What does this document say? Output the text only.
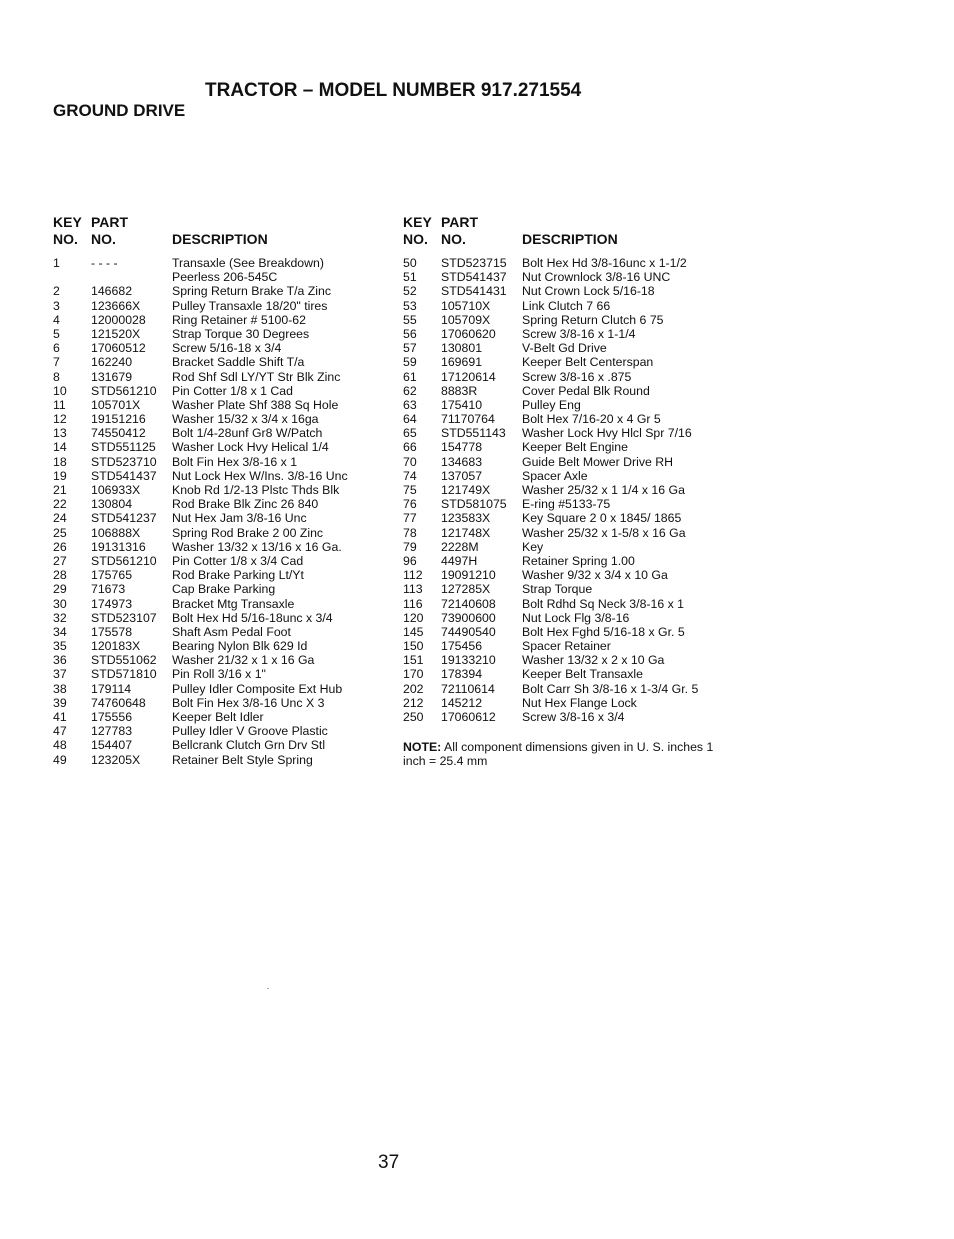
TRACTOR – MODEL NUMBER 917.271554
GROUND DRIVE
KEY
NO.
PART
NO.	DESCRIPTION
1	- - - -	Transaxle (See Breakdown)
Peerless 206-545C
2	146682	Spring Return Brake T/a Zinc
3	123666X	Pulley Transaxle 18/20" tires
4	12000028 Ring Retainer # 5100-62
5	121520X	Strap Torque 30 Degrees
6	17060512 Screw 5/16-18 x 3/4
7	162240	Bracket Saddle Shift T/a
8	131679	Rod Shf Sdl LY/YT Str Blk Zinc
10 STD561210 Pin Cotter 1/8 x 1 Cad
11 105701X	Washer Plate Shf 388 Sq Hole
12 19151216 Washer 15/32 x 3/4 x 16ga
13 74550412 Bolt 1/4-28unf Gr8 W/Patch
14 STD551125 Washer Lock Hvy Helical 1/4
18 STD523710 Bolt Fin Hex 3/8-16 x 1
19 STD541437 Nut Lock Hex W/Ins. 3/8-16 Unc
21 106933X	Knob Rd 1/2-13 Plstc Thds Blk
22 130804	Rod Brake Blk Zinc 26 840
24 STD541237 Nut Hex Jam 3/8-16 Unc
25 106888X	Spring Rod Brake 2 00 Zinc
26 19131316 Washer 13/32 x 13/16 x 16 Ga.
27 STD561210 Pin Cotter 1/8 x 3/4 Cad
28 175765	Rod Brake Parking Lt/Yt
29 71673	Cap Brake Parking
30 174973	Bracket Mtg Transaxle
32 STD523107 Bolt Hex Hd 5/16-18unc x 3/4
34 175578	Shaft Asm Pedal Foot
35 120183X	Bearing Nylon Blk 629 Id
36 STD551062 Washer 21/32 x 1 x 16 Ga
37 STD571810 Pin Roll 3/16 x 1"
38 179114	Pulley Idler Composite Ext Hub
39 74760648 Bolt Fin Hex 3/8-16 Unc X 3
41 175556	Keeper Belt Idler
47 127783	Pulley Idler V Groove Plastic
48 154407	Bellcrank Clutch Grn Drv Stl
49 123205X	Retainer Belt Style Spring
KEY
NO.
PART
NO.	DESCRIPTION
50 STD523715 Bolt Hex Hd 3/8-16unc x 1-1/2
51 STD541437 Nut Crownlock 3/8-16 UNC
52 STD541431 Nut Crown Lock 5/16-18
53 105710X	Link Clutch 7 66
55 105709X	Spring Return Clutch 6 75
56 17060620 Screw 3/8-16 x 1-1/4
57 130801	V-Belt Gd Drive
59 169691	Keeper Belt Centerspan
61 17120614 Screw 3/8-16 x .875
62 8883R	Cover Pedal Blk Round
63 175410	Pulley Eng
64 71170764 Bolt Hex 7/16-20 x 4 Gr 5
65 STD551143 Washer Lock Hvy Hlcl Spr 7/16
66 154778	Keeper Belt Engine
70 134683	Guide Belt Mower Drive RH
74 137057	Spacer Axle
75 121749X	Washer 25/32 x 1 1/4 x 16 Ga
76 STD581075 E-ring #5133-75
77 123583X	Key Square 2 0 x 1845/ 1865
78 121748X	Washer 25/32 x 1-5/8 x 16 Ga
79 2228M	Key
96 4497H	Retainer Spring 1.00
112 19091210 Washer 9/32 x 3/4 x 10 Ga
113 127285X	Strap Torque
116 72140608 Bolt Rdhd Sq Neck 3/8-16 x 1
120 73900600 Nut Lock Flg 3/8-16
145 74490540 Bolt Hex Fghd 5/16-18 x Gr. 5
150 175456	Spacer Retainer
151 19133210 Washer 13/32 x 2 x 10 Ga
170 178394	Keeper Belt Transaxle
202 72110614 Bolt Carr Sh 3/8-16 x 1-3/4 Gr. 5
212 145212	Nut Hex Flange Lock
250 17060612 Screw 3/8-16 x 3/4
NOTE: All component dimensions given in U. S. inches 1 inch = 25.4 mm
37
